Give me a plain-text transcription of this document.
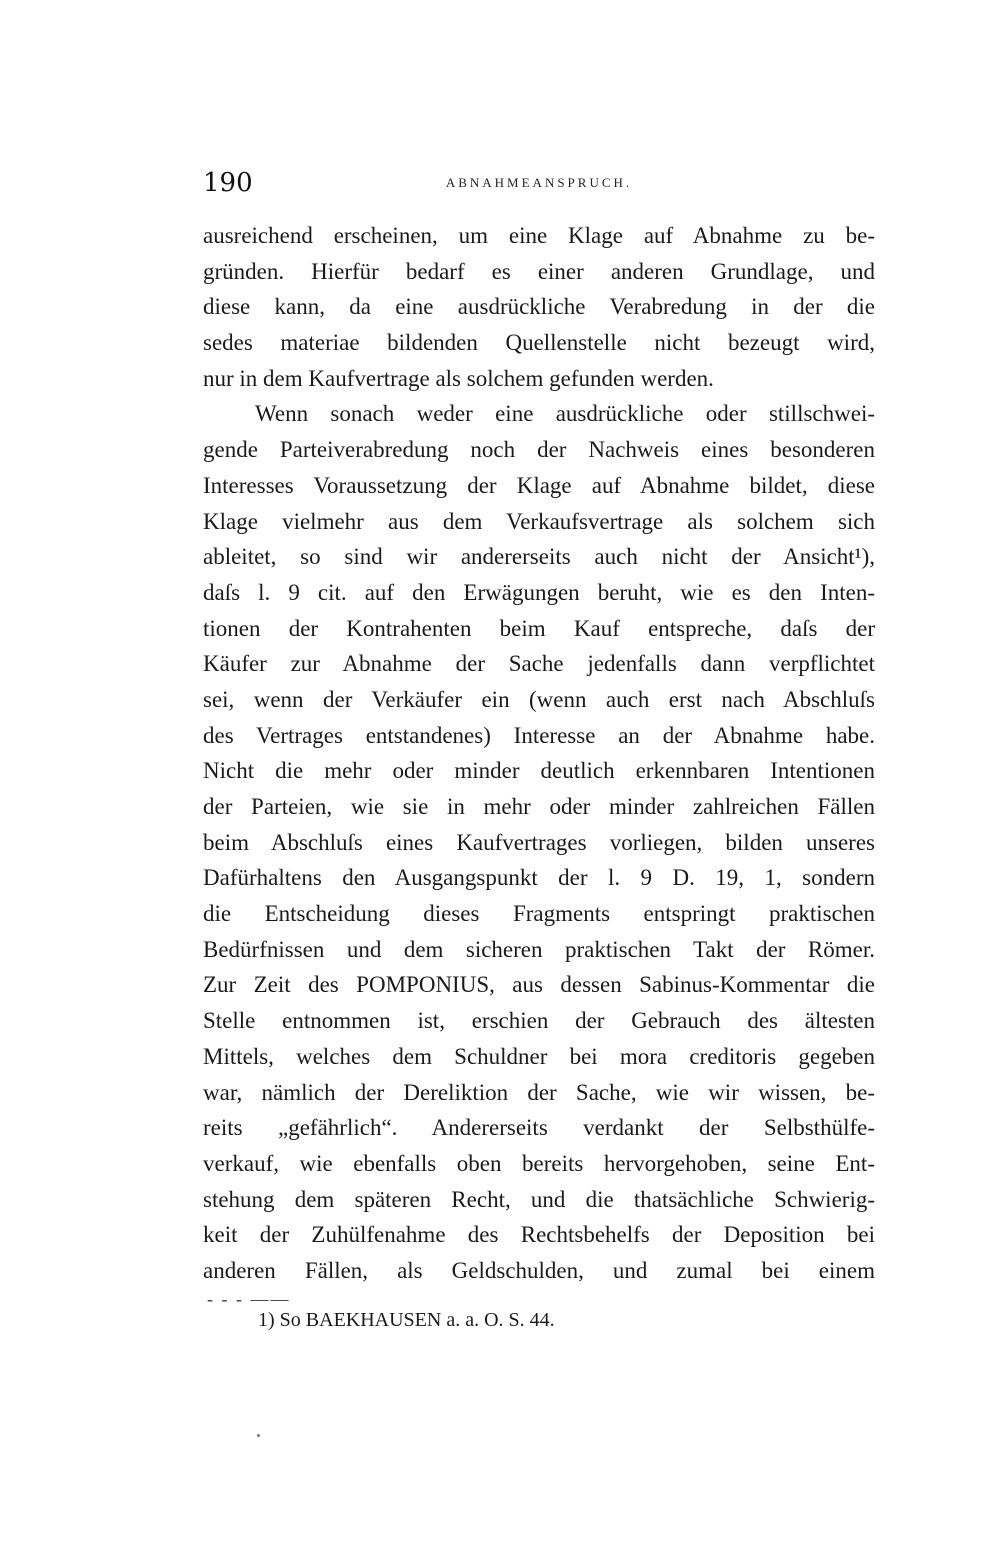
190	ABNAHMEANSPRUCH.
ausreichend erscheinen, um eine Klage auf Abnahme zu be-
gründen. Hierfür bedarf es einer anderen Grundlage, und
diese kann, da eine ausdrückliche Verabredung in der die
sedes materiae bildenden Quellenstelle nicht bezeugt wird,
nur in dem Kaufvertrage als solchem gefunden werden.
Wenn sonach weder eine ausdrückliche oder stillschwei-
gende Parteiverabredung noch der Nachweis eines besonderen
Interesses Voraussetzung der Klage auf Abnahme bildet, diese
Klage vielmehr aus dem Verkaufsvertrage als solchem sich
ableitet, so sind wir andererseits auch nicht der Ansicht¹),
daſs l. 9 cit. auf den Erwägungen beruht, wie es den Inten-
tionen der Kontrahenten beim Kauf entspreche, daſs der
Käufer zur Abnahme der Sache jedenfalls dann verpflichtet
sei, wenn der Verkäufer ein (wenn auch erst nach Abschluſs
des Vertrages entstandenes) Interesse an der Abnahme habe.
Nicht die mehr oder minder deutlich erkennbaren Intentionen
der Parteien, wie sie in mehr oder minder zahlreichen Fällen
beim Abschluſs eines Kaufvertrages vorliegen, bilden unseres
Dafürhaltens den Ausgangspunkt der l. 9 D. 19, 1, sondern
die Entscheidung dieses Fragments entspringt praktischen
Bedürfnissen und dem sicheren praktischen Takt der Römer.
Zur Zeit des POMPONIUS, aus dessen Sabinus-Kommentar die
Stelle entnommen ist, erschien der Gebrauch des ältesten
Mittels, welches dem Schuldner bei mora creditoris gegeben
war, nämlich der Dereliktion der Sache, wie wir wissen, be-
reits „gefährlich“. Andererseits verdankt der Selbsthülfe-
verkauf, wie ebenfalls oben bereits hervorgehoben, seine Ent-
stehung dem späteren Recht, und die thatsächliche Schwierig-
keit der Zuhülfenahme des Rechtsbehelfs der Deposition bei
anderen Fällen, als Geldschulden, und zumal bei einem
- - - ——
1) So BAEKHAUSEN a. a. O. S. 44.
